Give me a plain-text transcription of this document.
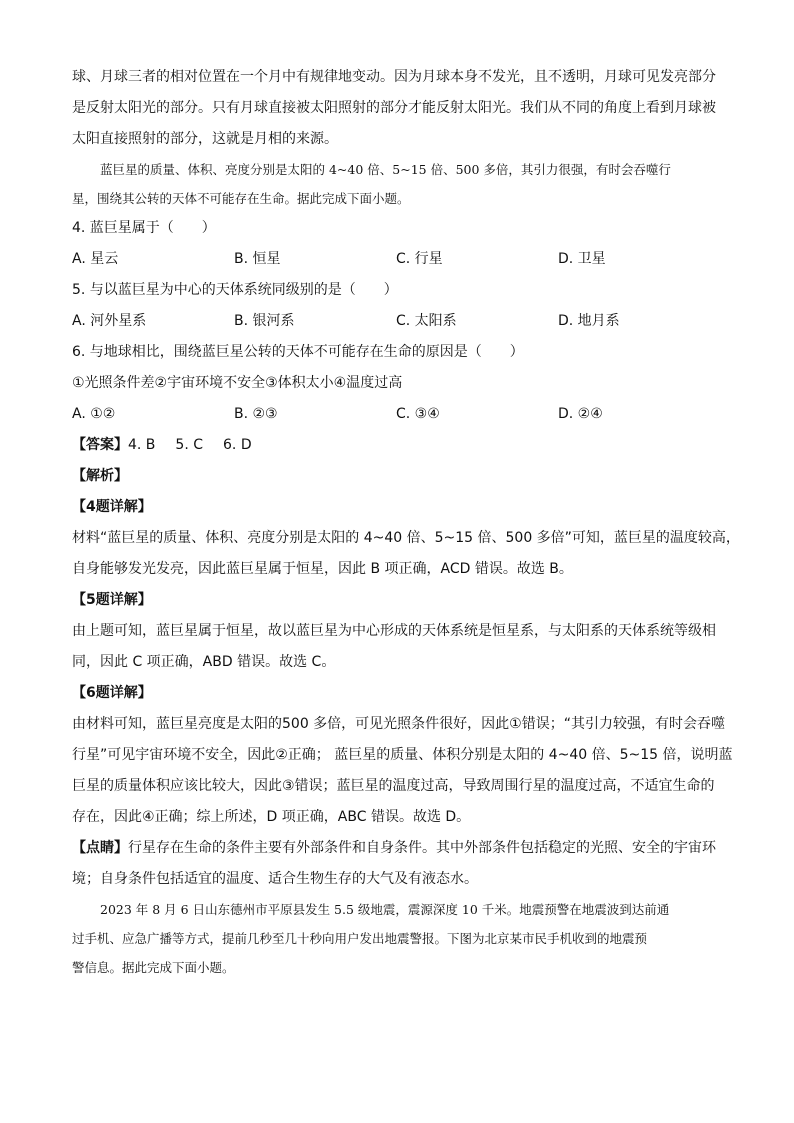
球、月球三者的相对位置在一个月中有规律地变动。因为月球本身不发光，且不透明，月球可见发亮部分

是反射太阳光的部分。只有月球直接被太阳照射的部分才能反射太阳光。我们从不同的角度上看到月球被

太阳直接照射的部分，这就是月相的来源。

蓝巨星的质量、体积、亮度分别是太阳的 4~40 倍、5~15 倍、500 多倍，其引力很强，有时会吞噬行

星，围绕其公转的天体不可能存在生命。据此完成下面小题。

4. 蓝巨星属于（　　）

A. 星云	B. 恒星	C. 行星	D. 卫星

5. 与以蓝巨星为中心的天体系统同级别的是（　　）

A. 河外星系	B. 银河系	C. 太阳系	D. 地月系

6. 与地球相比，围绕蓝巨星公转的天体不可能存在生命的原因是（　　）

①光照条件差②宇宙环境不安全③体积太小④温度过高

A. ①②	B. ②③	C. ③④	D. ②④

【答案】4. B 5. C 6. D

【解析】

【4题详解】

材料“蓝巨星的质量、体积、亮度分别是太阳的 4~40 倍、5~15 倍、500 多倍”可知，蓝巨星的温度较高，

自身能够发光发亮，因此蓝巨星属于恒星，因此 B 项正确，ACD 错误。故选 B。

【5题详解】

由上题可知，蓝巨星属于恒星，故以蓝巨星为中心形成的天体系统是恒星系，与太阳系的天体系统等级相

同，因此 C 项正确，ABD 错误。故选 C。

【6题详解】

由材料可知，蓝巨星亮度是太阳的500 多倍，可见光照条件很好，因此①错误；“其引力较强，有时会吞噬

行星”可见宇宙环境不安全，因此②正确； 蓝巨星的质量、体积分别是太阳的 4~40 倍、5~15 倍，说明蓝

巨星的质量体积应该比较大，因此③错误；蓝巨星的温度过高，导致周围行星的温度过高，不适宜生命的

存在，因此④正确；综上所述，D 项正确，ABC 错误。故选 D。

【点睛】行星存在生命的条件主要有外部条件和自身条件。其中外部条件包括稳定的光照、安全的宇宙环

境；自身条件包括适宜的温度、适合生物生存的大气及有液态水。

2023 年 8 月 6 日山东德州市平原县发生 5.5 级地震，震源深度 10 千米。地震预警在地震波到达前通

过手机、应急广播等方式，提前几秒至几十秒向用户发出地震警报。下图为北京某市民手机收到的地震预

警信息。据此完成下面小题。
